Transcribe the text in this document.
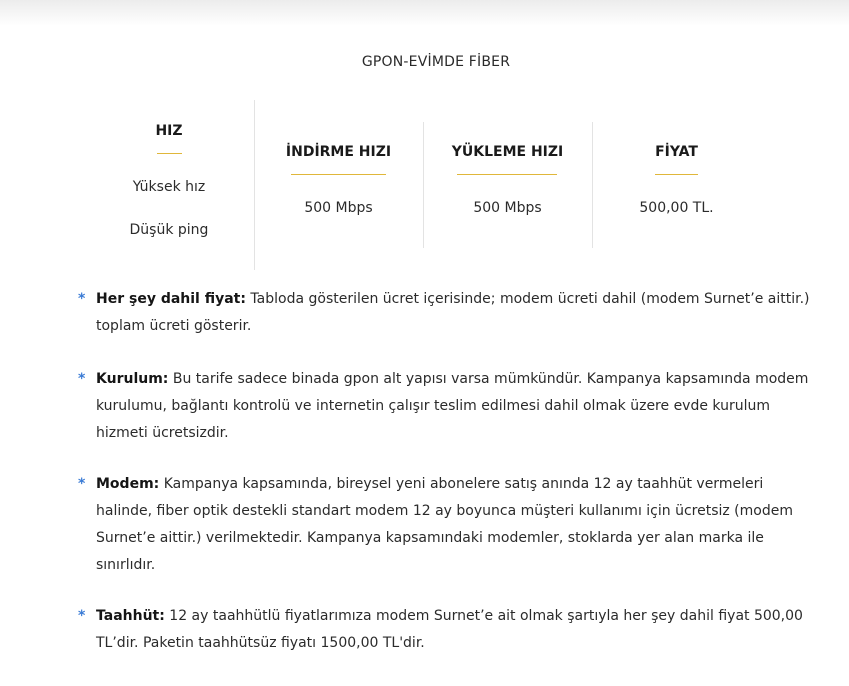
GPON-EVİMDE FİBER
HIZ
Yüksek hız
Düşük ping
İNDİRME HIZI
500 Mbps
YÜKLEME HIZI
500 Mbps
FİYAT
500,00 TL.
* Her şey dahil fiyat: Tabloda gösterilen ücret içerisinde; modem ücreti dahil (modem Surnet’e aittir.) toplam ücreti gösterir.
* Kurulum: Bu tarife sadece binada gpon alt yapısı varsa mümkündür. Kampanya kapsamında modem kurulumu, bağlantı kontrolü ve internetin çalışır teslim edilmesi dahil olmak üzere evde kurulum hizmeti ücretsizdir.
* Modem: Kampanya kapsamında, bireysel yeni abonelere satış anında 12 ay taahhüt vermeleri halinde, fiber optik destekli standart modem 12 ay boyunca müşteri kullanımı için ücretsiz (modem Surnet’e aittir.) verilmektedir. Kampanya kapsamındaki modemler, stoklarda yer alan marka ile sınırlıdır.
* Taahhüt: 12 ay taahhütlü fiyatlarımıza modem Surnet’e ait olmak şartıyla her şey dahil fiyat 500,00 TL’dir. Paketin taahhütsüz fiyatı 1500,00 TL'dir.
